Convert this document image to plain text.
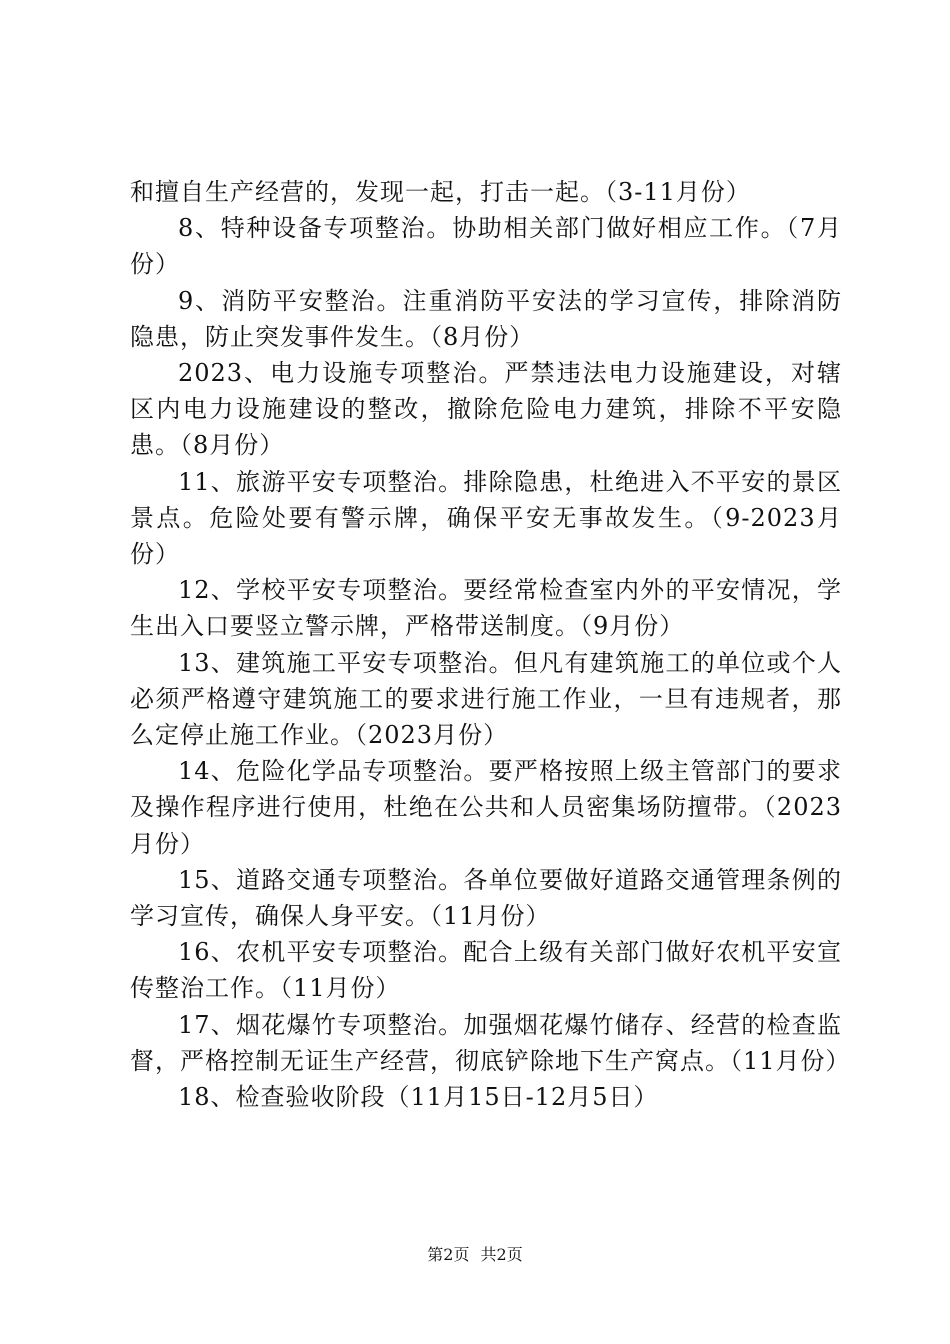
和擅自生产经营的，发现一起，打击一起。（3-11月份）

8、特种设备专项整治。协助相关部门做好相应工作。（7月份）

9、消防平安整治。注重消防平安法的学习宣传，排除消防隐患，防止突发事件发生。（8月份）

2023、电力设施专项整治。严禁违法电力设施建设，对辖区内电力设施建设的整改，撤除危险电力建筑，排除不平安隐患。（8月份）

11、旅游平安专项整治。排除隐患，杜绝进入不平安的景区景点。危险处要有警示牌，确保平安无事故发生。（9-2023月份）

12、学校平安专项整治。要经常检查室内外的平安情况，学生出入口要竖立警示牌，严格带送制度。（9月份）

13、建筑施工平安专项整治。但凡有建筑施工的单位或个人必须严格遵守建筑施工的要求进行施工作业，一旦有违规者，那么定停止施工作业。（2023月份）

14、危险化学品专项整治。要严格按照上级主管部门的要求及操作程序进行使用，杜绝在公共和人员密集场防擅带。（2023月份）

15、道路交通专项整治。各单位要做好道路交通管理条例的学习宣传，确保人身平安。（11月份）

16、农机平安专项整治。配合上级有关部门做好农机平安宣传整治工作。（11月份）

17、烟花爆竹专项整治。加强烟花爆竹储存、经营的检查监督，严格控制无证生产经营，彻底铲除地下生产窝点。（11月份）

18、检查验收阶段（11月15日-12月5日）

第2页 共2页
